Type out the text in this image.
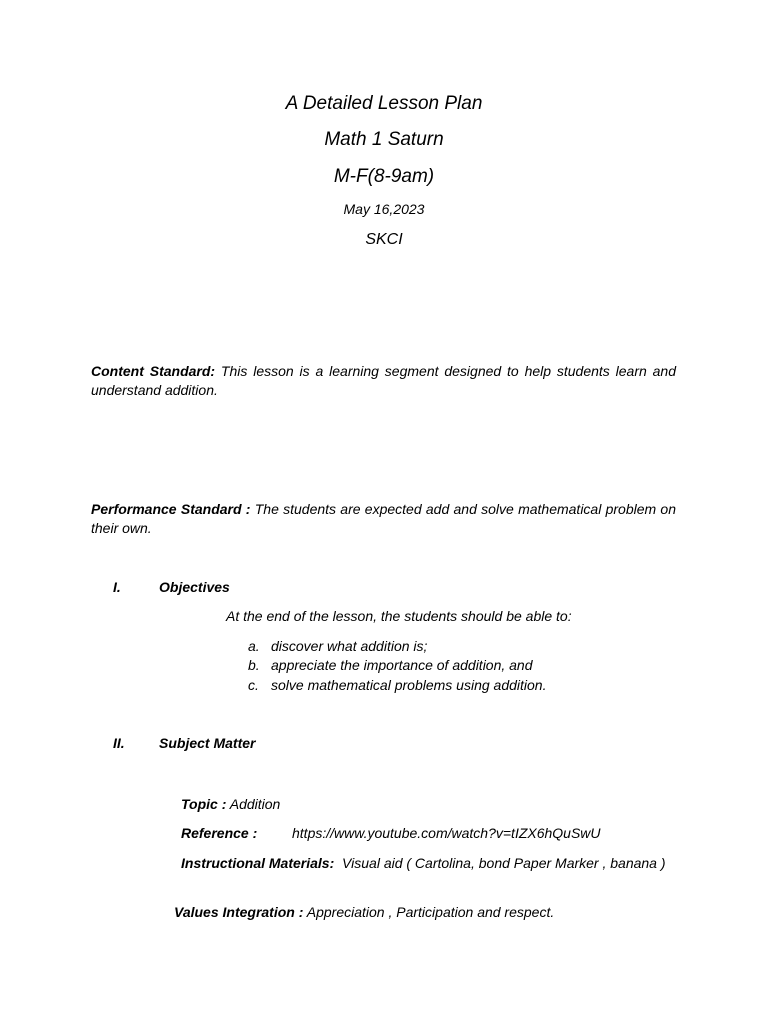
A Detailed Lesson Plan
Math 1 Saturn
M-F(8-9am)
May 16,2023
SKCI
Content Standard: This lesson is a learning segment designed to help students learn and understand addition.
Performance Standard : The students are expected add and solve mathematical problem on their own.
I.	Objectives
At the end of the lesson, the students should be able to:
a. discover what addition is;
b. appreciate the importance of addition, and
c. solve mathematical problems using addition.
II. Subject Matter
Topic : Addition
Reference : https://www.youtube.com/watch?v=tIZX6hQuSwU
Instructional Materials:  Visual aid ( Cartolina, bond Paper Marker , banana )
Values Integration : Appreciation , Participation and respect.
